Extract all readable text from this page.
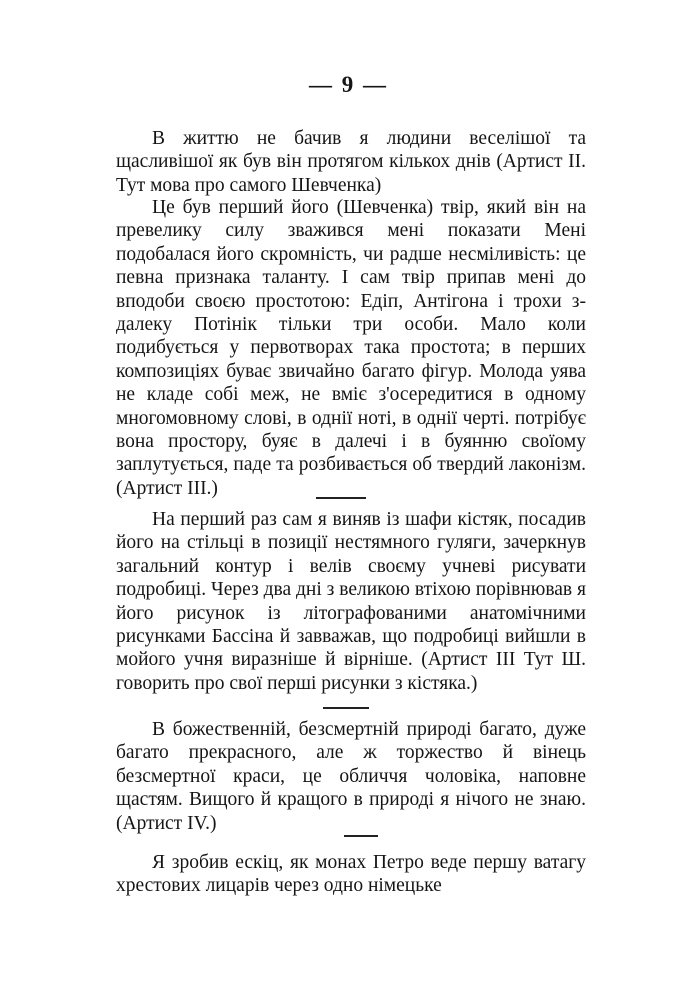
— 9 —

В життю не бачив я людини веселішої та щасливішої як був він протягом кількох днів (Артист II. Тут мова про самого Шевченка)

Це був перший його (Шевченка) твір, який він на превелику силу зважився мені показати Мені подобалася його скромність, чи радше несміливість: це певна признака таланту. І сам твір припав мені до вподоби своєю простотою: Едіп, Антігона і трохи з-далеку Потінік тільки три особи. Мало коли подибується у первотворах така простота; в перших композиціях буває звичайно багато фігур. Молода уява не кладе собі меж, не вміє з'осередитися в одному многомовному слові, в однії ноті, в однії черті. потрібує вона простору, буяє в далечі і в буянню своїому заплутується, паде та розбивається об твердий лаконізм. (Артист III.)

На перший раз сам я виняв із шафи кістяк, посадив його на стільці в позиції нестямного гуляги, зачеркнув загальний контур і велів своєму учневі рисувати подробиці. Через два дні з великою втіхою порівнював я його рисунок із літографованими анатомічними рисунками Бассіна й завважав, що подробиці вийшли в мойого учня виразніше й вірніше. (Артист III Тут Ш. говорить про свої перші рисунки з кістяка.)

В божественній, безсмертній природі багато, дуже багато прекрасного, але ж торжество й вінець безсмертної краси, це обличчя чоловіка, наповне щастям. Вищого й кращого в природі я нічого не знаю. (Артист IV.)

Я зробив ескіц, як монах Петро веде першу ватагу хрестових лицарів через одно німецьке
